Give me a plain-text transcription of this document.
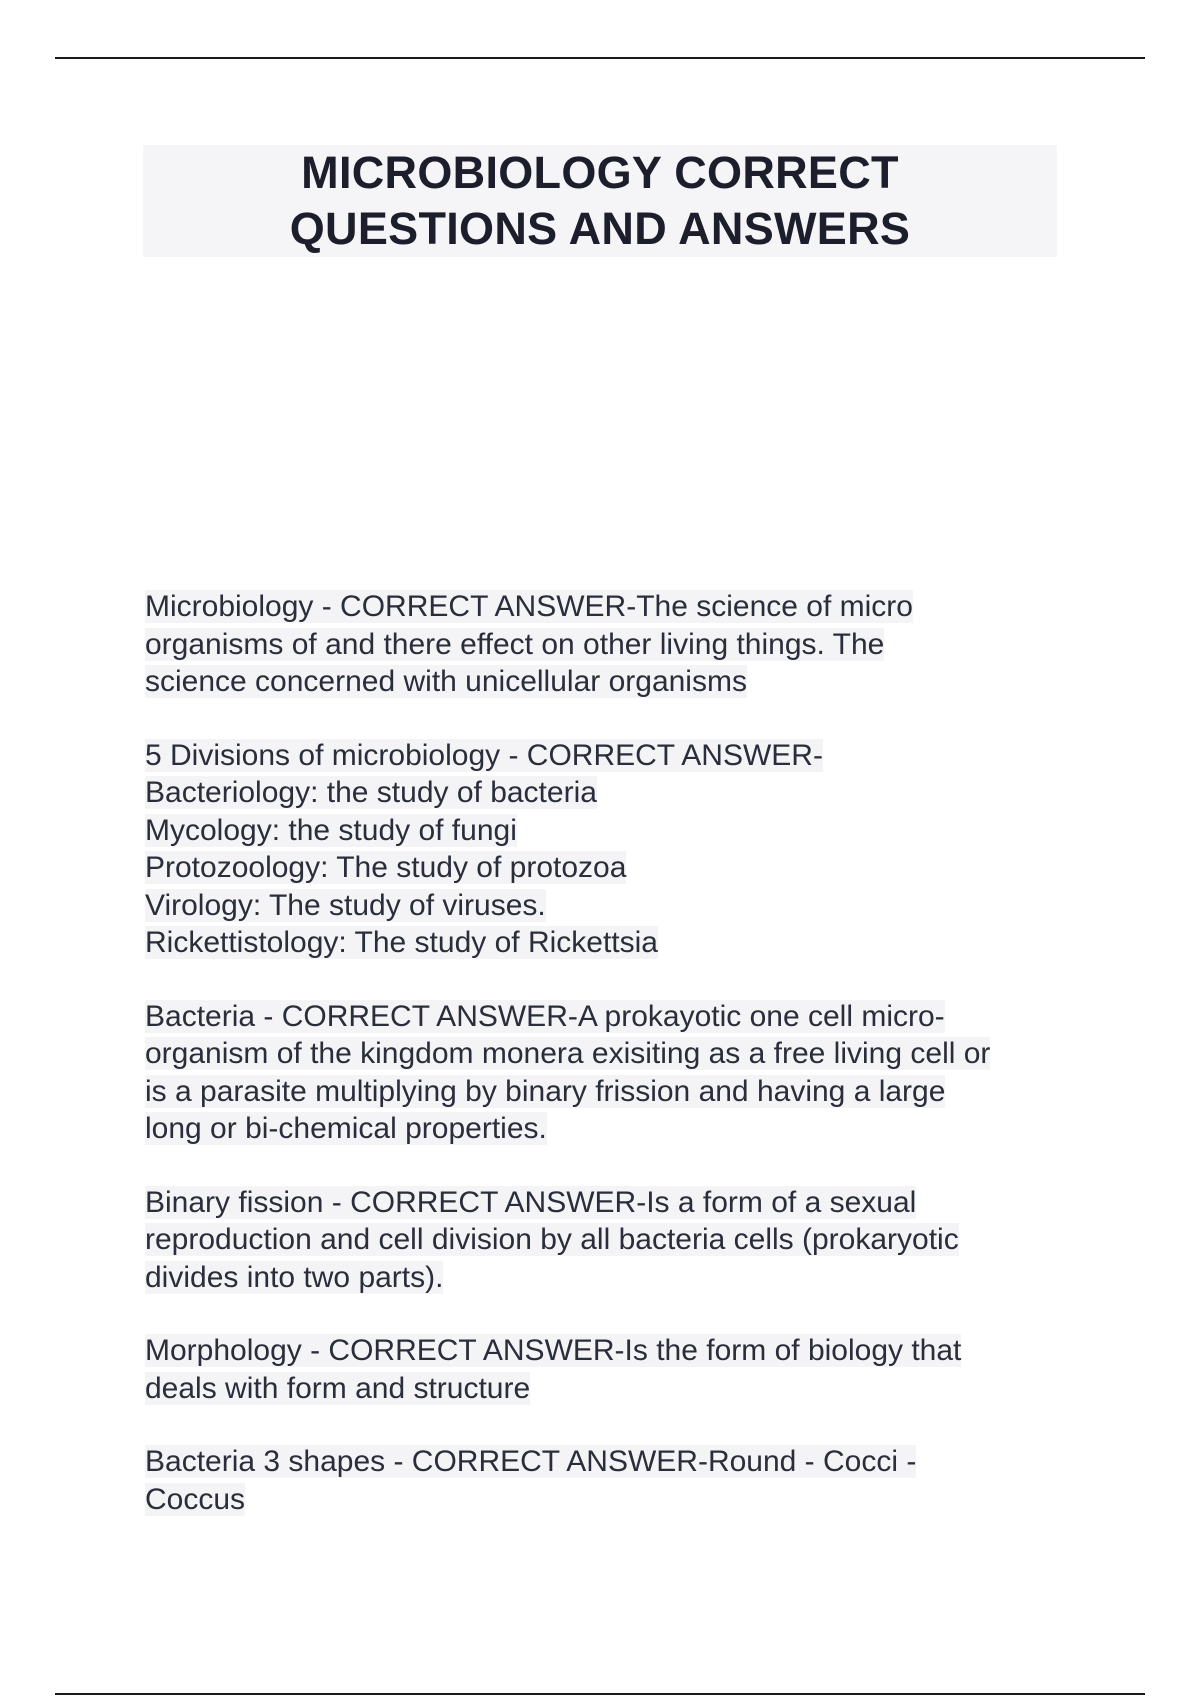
MICROBIOLOGY CORRECT
QUESTIONS AND ANSWERS
Microbiology - CORRECT ANSWER-The science of micro
organisms of and there effect on other living things. The
science concerned with unicellular organisms
5 Divisions of microbiology - CORRECT ANSWER-
Bacteriology: the study of bacteria
Mycology: the study of fungi
Protozoology: The study of protozoa
Virology: The study of viruses.
Rickettistology: The study of Rickettsia
Bacteria - CORRECT ANSWER-A prokayotic one cell micro-
organism of the kingdom monera exisiting as a free living cell or
is a parasite multiplying by binary frission and having a large
long or bi-chemical properties.
Binary fission - CORRECT ANSWER-Is a form of a sexual
reproduction and cell division by all bacteria cells (prokaryotic
divides into two parts).
Morphology - CORRECT ANSWER-Is the form of biology that
deals with form and structure
Bacteria 3 shapes - CORRECT ANSWER-Round - Cocci -
Coccus
